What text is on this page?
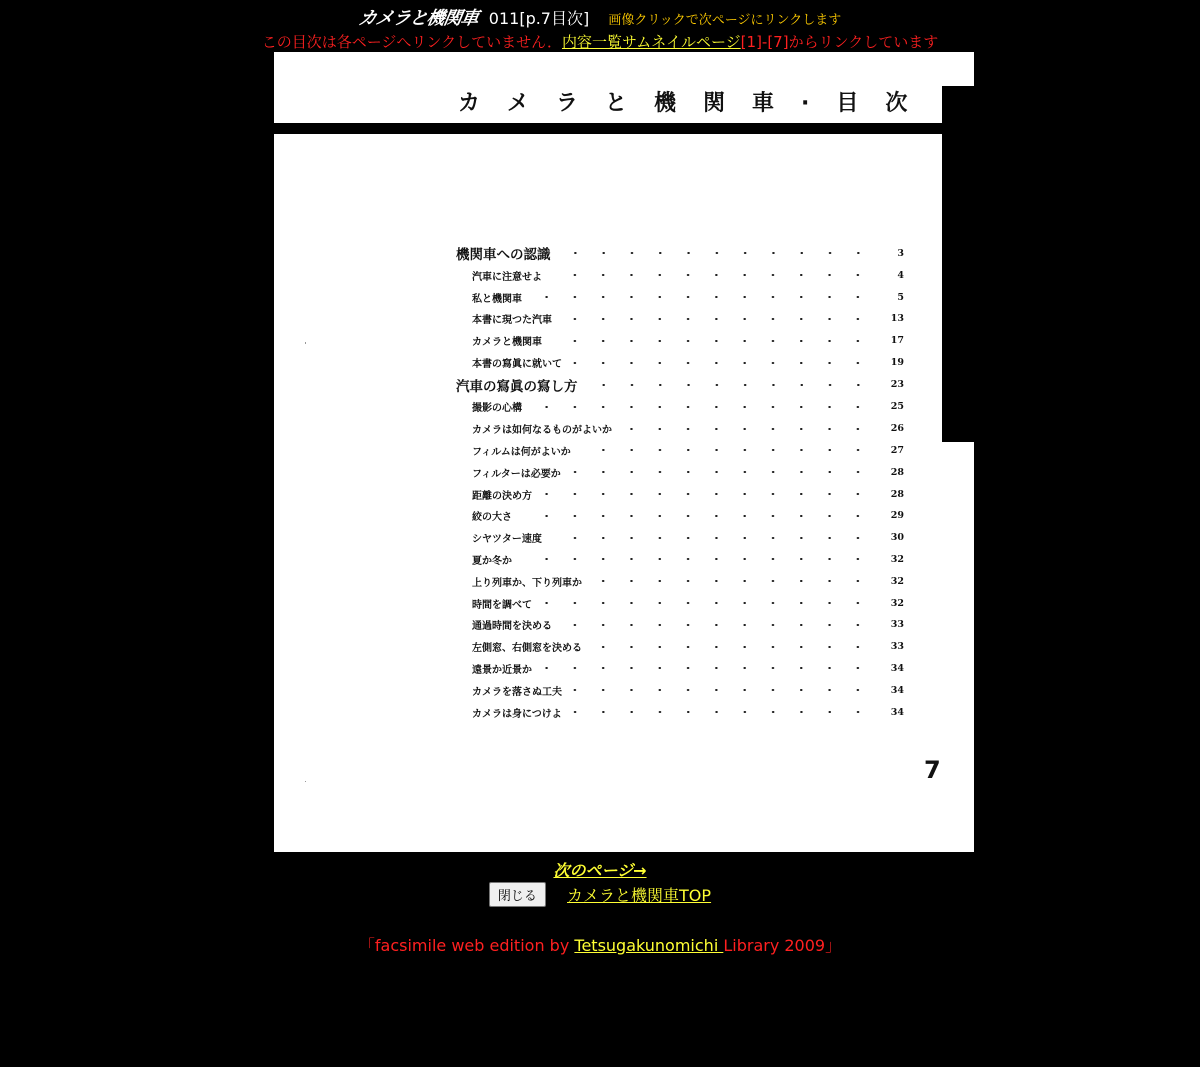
カメラと機関車 011[p.7目次] 画像クリックで次ページにリンクします
この目次は各ページへリンクしていません．内容一覧サムネイルページ[1]-[7]からリンクしています
カメラと機関車·目次
機関車への認識	3
汽車に注意せよ	4
私と機関車	5
本書に現つた汽車	13
カメラと機関車	17
本書の寫眞に就いて	19
汽車の寫眞の寫し方	23
撮影の心構	25
カメラは如何なるものがよいか	26
フィルムは何がよいか	27
フィルターは必要か	28
距離の決め方	28
絞の大さ	29
シヤツター速度	30
夏か冬か	32
上り列車か、下り列車か	32
時間を調べて	32
通過時間を決める	33
左側窓、右側窓を決める	33
遠景か近景か	34
カメラを落さぬ工夫	34
カメラは身につけよ	34
7
次のページ→
閉じる カメラと機関車TOP
「facsimile web edition by Tetsugakunomichi Library 2009」
